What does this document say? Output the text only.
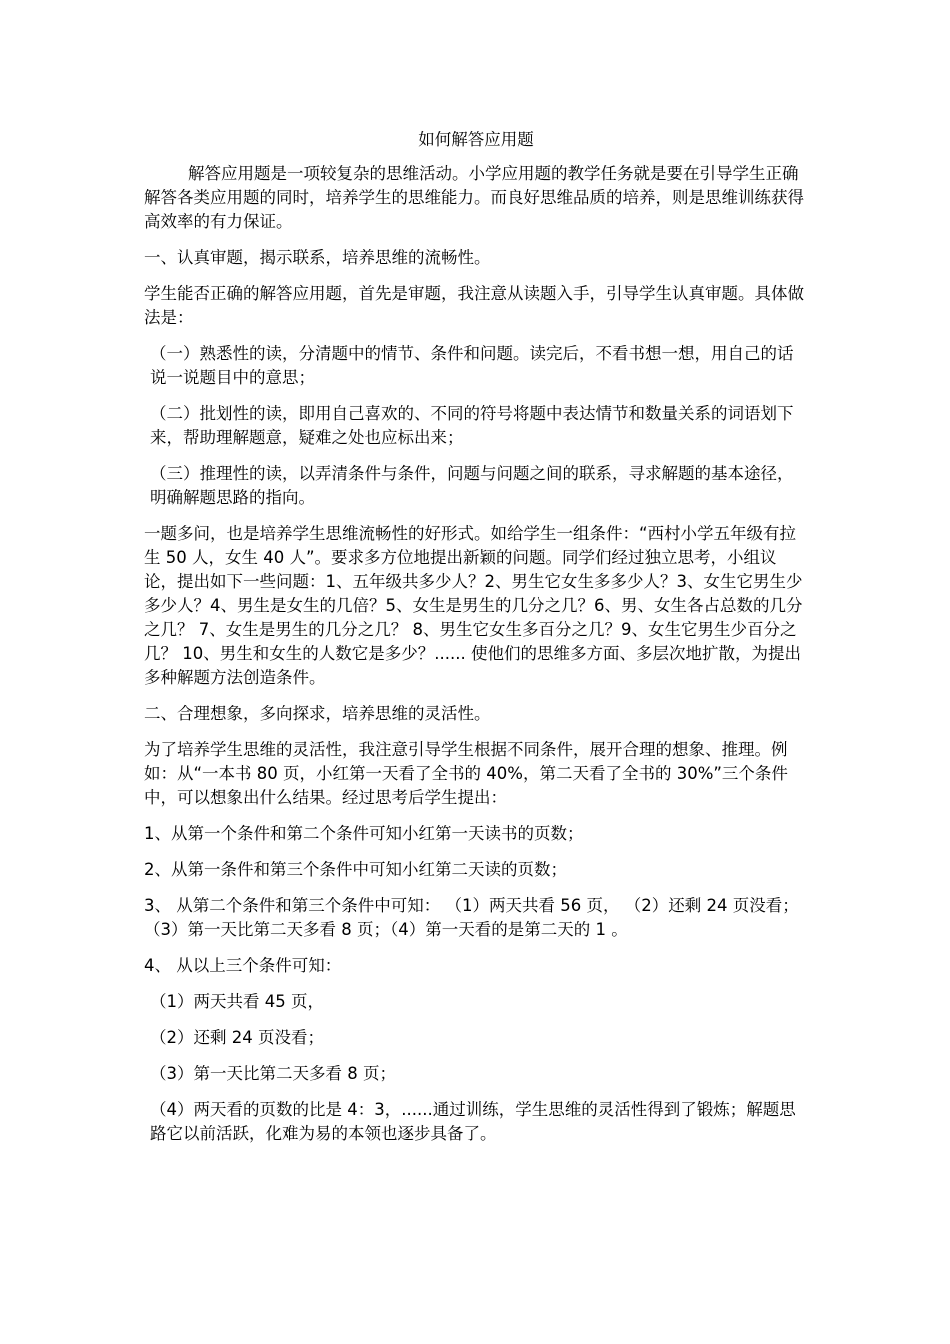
如何解答应用题

解答应用题是一项较复杂的思维活动。小学应用题的教学任务就是要在引导学生正确解答各类应用题的同时，培养学生的思维能力。而良好思维品质的培养，则是思维训练获得高效率的有力保证。

一、认真审题，揭示联系，培养思维的流畅性。

学生能否正确的解答应用题，首先是审题，我注意从读题入手，引导学生认真审题。具体做法是：

（一）熟悉性的读，分清题中的情节、条件和问题。读完后，不看书想一想，用自己的话说一说题目中的意思；

（二）批划性的读，即用自己喜欢的、不同的符号将题中表达情节和数量关系的词语划下来，帮助理解题意，疑难之处也应标出来；

（三）推理性的读，以弄清条件与条件，问题与问题之间的联系，寻求解题的基本途径，明确解题思路的指向。

一题多问，也是培养学生思维流畅性的好形式。如给学生一组条件：“西村小学五年级有拉生 50 人，女生 40 人”。要求多方位地提出新颖的问题。同学们经过独立思考，小组议论，提出如下一些问题：1、五年级共多少人？2、男生它女生多多少人？3、女生它男生少多少人？4、男生是女生的几倍？5、女生是男生的几分之几？6、男、女生各占总数的几分之几？ 7、女生是男生的几分之几？ 8、男生它女生多百分之几？9、女生它男生少百分之几？ 10、男生和女生的人数它是多少？...... 使他们的思维多方面、多层次地扩散，为提出多种解题方法创造条件。

二、合理想象，多向探求，培养思维的灵活性。

为了培养学生思维的灵活性，我注意引导学生根据不同条件，展开合理的想象、推理。例如：从“一本书 80 页，小红第一天看了全书的 40%，第二天看了全书的 30%”三个条件中，可以想象出什么结果。经过思考后学生提出：

1、从第一个条件和第二个条件可知小红第一天读书的页数；

2、从第一条件和第三个条件中可知小红第二天读的页数；

3、 从第二个条件和第三个条件中可知： （1）两天共看 56 页， （2）还剩 24 页没看；（3）第一天比第二天多看 8 页；（4）第一天看的是第二天的 1 。

4、 从以上三个条件可知：

（1）两天共看 45 页，

（2）还剩 24 页没看；

（3）第一天比第二天多看 8 页；

（4）两天看的页数的比是 4：3，......通过训练，学生思维的灵活性得到了锻炼；解题思路它以前活跃，化难为易的本领也逐步具备了。
